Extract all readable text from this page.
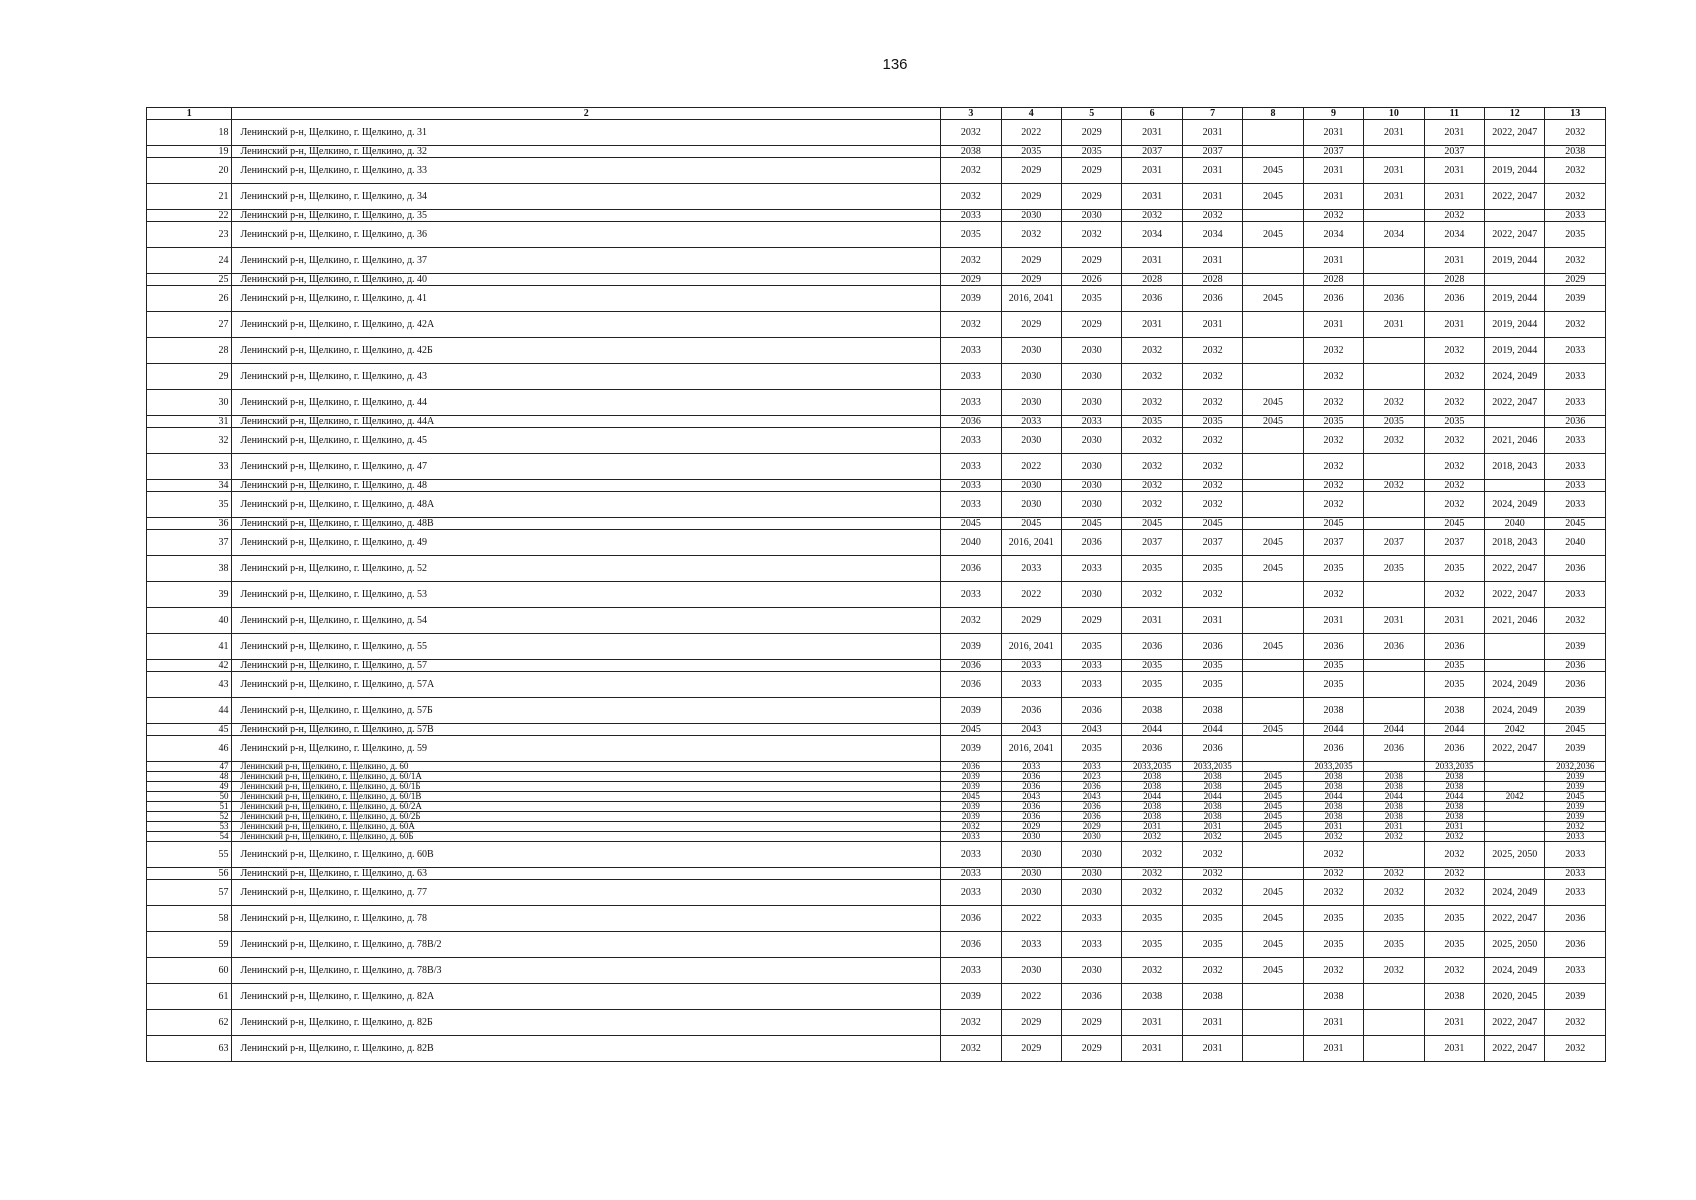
136
1	2	3	4	5	6	7	8	9	10	11	12	13
18	Ленинский р-н, Щелкино, г. Щелкино, д. 31	2032	2022	2029	2031	2031		2031	2031	2031	2022, 2047	2032
19	Ленинский р-н, Щелкино, г. Щелкино, д. 32	2038	2035	2035	2037	2037		2037		2037		2038
20	Ленинский р-н, Щелкино, г. Щелкино, д. 33	2032	2029	2029	2031	2031	2045	2031	2031	2031	2019, 2044	2032
21	Ленинский р-н, Щелкино, г. Щелкино, д. 34	2032	2029	2029	2031	2031	2045	2031	2031	2031	2022, 2047	2032
22	Ленинский р-н, Щелкино, г. Щелкино, д. 35	2033	2030	2030	2032	2032		2032		2032		2033
23	Ленинский р-н, Щелкино, г. Щелкино, д. 36	2035	2032	2032	2034	2034	2045	2034	2034	2034	2022, 2047	2035
24	Ленинский р-н, Щелкино, г. Щелкино, д. 37	2032	2029	2029	2031	2031		2031		2031	2019, 2044	2032
25	Ленинский р-н, Щелкино, г. Щелкино, д. 40	2029	2029	2026	2028	2028		2028		2028		2029
26	Ленинский р-н, Щелкино, г. Щелкино, д. 41	2039	2016, 2041	2035	2036	2036	2045	2036	2036	2036	2019, 2044	2039
27	Ленинский р-н, Щелкино, г. Щелкино, д. 42А	2032	2029	2029	2031	2031		2031	2031	2031	2019, 2044	2032
28	Ленинский р-н, Щелкино, г. Щелкино, д. 42Б	2033	2030	2030	2032	2032		2032		2032	2019, 2044	2033
29	Ленинский р-н, Щелкино, г. Щелкино, д. 43	2033	2030	2030	2032	2032		2032		2032	2024, 2049	2033
30	Ленинский р-н, Щелкино, г. Щелкино, д. 44	2033	2030	2030	2032	2032	2045	2032	2032	2032	2022, 2047	2033
31	Ленинский р-н, Щелкино, г. Щелкино, д. 44А	2036	2033	2033	2035	2035	2045	2035	2035	2035		2036
32	Ленинский р-н, Щелкино, г. Щелкино, д. 45	2033	2030	2030	2032	2032		2032	2032	2032	2021, 2046	2033
33	Ленинский р-н, Щелкино, г. Щелкино, д. 47	2033	2022	2030	2032	2032		2032		2032	2018, 2043	2033
34	Ленинский р-н, Щелкино, г. Щелкино, д. 48	2033	2030	2030	2032	2032		2032	2032	2032		2033
35	Ленинский р-н, Щелкино, г. Щелкино, д. 48А	2033	2030	2030	2032	2032		2032		2032	2024, 2049	2033
36	Ленинский р-н, Щелкино, г. Щелкино, д. 48В	2045	2045	2045	2045	2045		2045		2045	2040	2045
37	Ленинский р-н, Щелкино, г. Щелкино, д. 49	2040	2016, 2041	2036	2037	2037	2045	2037	2037	2037	2018, 2043	2040
38	Ленинский р-н, Щелкино, г. Щелкино, д. 52	2036	2033	2033	2035	2035	2045	2035	2035	2035	2022, 2047	2036
39	Ленинский р-н, Щелкино, г. Щелкино, д. 53	2033	2022	2030	2032	2032		2032		2032	2022, 2047	2033
40	Ленинский р-н, Щелкино, г. Щелкино, д. 54	2032	2029	2029	2031	2031		2031	2031	2031	2021, 2046	2032
41	Ленинский р-н, Щелкино, г. Щелкино, д. 55	2039	2016, 2041	2035	2036	2036	2045	2036	2036	2036		2039
42	Ленинский р-н, Щелкино, г. Щелкино, д. 57	2036	2033	2033	2035	2035		2035		2035		2036
43	Ленинский р-н, Щелкино, г. Щелкино, д. 57А	2036	2033	2033	2035	2035		2035		2035	2024, 2049	2036
44	Ленинский р-н, Щелкино, г. Щелкино, д. 57Б	2039	2036	2036	2038	2038		2038		2038	2024, 2049	2039
45	Ленинский р-н, Щелкино, г. Щелкино, д. 57В	2045	2043	2043	2044	2044	2045	2044	2044	2044	2042	2045
46	Ленинский р-н, Щелкино, г. Щелкино, д. 59	2039	2016, 2041	2035	2036	2036		2036	2036	2036	2022, 2047	2039
47	Ленинский р-н, Щелкино, г. Щелкино, д. 60	2036	2033	2033	2033,2035	2033,2035		2033,2035		2033,2035		2032,2036
48	Ленинский р-н, Щелкино, г. Щелкино, д. 60/1А	2039	2036	2023	2038	2038	2045	2038	2038	2038		2039
49	Ленинский р-н, Щелкино, г. Щелкино, д. 60/1Б	2039	2036	2036	2038	2038	2045	2038	2038	2038		2039
50	Ленинский р-н, Щелкино, г. Щелкино, д. 60/1В	2045	2043	2043	2044	2044	2045	2044	2044	2044	2042	2045
51	Ленинский р-н, Щелкино, г. Щелкино, д. 60/2А	2039	2036	2036	2038	2038	2045	2038	2038	2038		2039
52	Ленинский р-н, Щелкино, г. Щелкино, д. 60/2Б	2039	2036	2036	2038	2038	2045	2038	2038	2038		2039
53	Ленинский р-н, Щелкино, г. Щелкино, д. 60А	2032	2029	2029	2031	2031	2045	2031	2031	2031		2032
54	Ленинский р-н, Щелкино, г. Щелкино, д. 60Б	2033	2030	2030	2032	2032	2045	2032	2032	2032		2033
55	Ленинский р-н, Щелкино, г. Щелкино, д. 60В	2033	2030	2030	2032	2032		2032		2032	2025, 2050	2033
56	Ленинский р-н, Щелкино, г. Щелкино, д. 63	2033	2030	2030	2032	2032		2032	2032	2032		2033
57	Ленинский р-н, Щелкино, г. Щелкино, д. 77	2033	2030	2030	2032	2032	2045	2032	2032	2032	2024, 2049	2033
58	Ленинский р-н, Щелкино, г. Щелкино, д. 78	2036	2022	2033	2035	2035	2045	2035	2035	2035	2022, 2047	2036
59	Ленинский р-н, Щелкино, г. Щелкино, д. 78В/2	2036	2033	2033	2035	2035	2045	2035	2035	2035	2025, 2050	2036
60	Ленинский р-н, Щелкино, г. Щелкино, д. 78В/3	2033	2030	2030	2032	2032	2045	2032	2032	2032	2024, 2049	2033
61	Ленинский р-н, Щелкино, г. Щелкино, д. 82А	2039	2022	2036	2038	2038		2038		2038	2020, 2045	2039
62	Ленинский р-н, Щелкино, г. Щелкино, д. 82Б	2032	2029	2029	2031	2031		2031		2031	2022, 2047	2032
63	Ленинский р-н, Щелкино, г. Щелкино, д. 82В	2032	2029	2029	2031	2031		2031		2031	2022, 2047	2032
